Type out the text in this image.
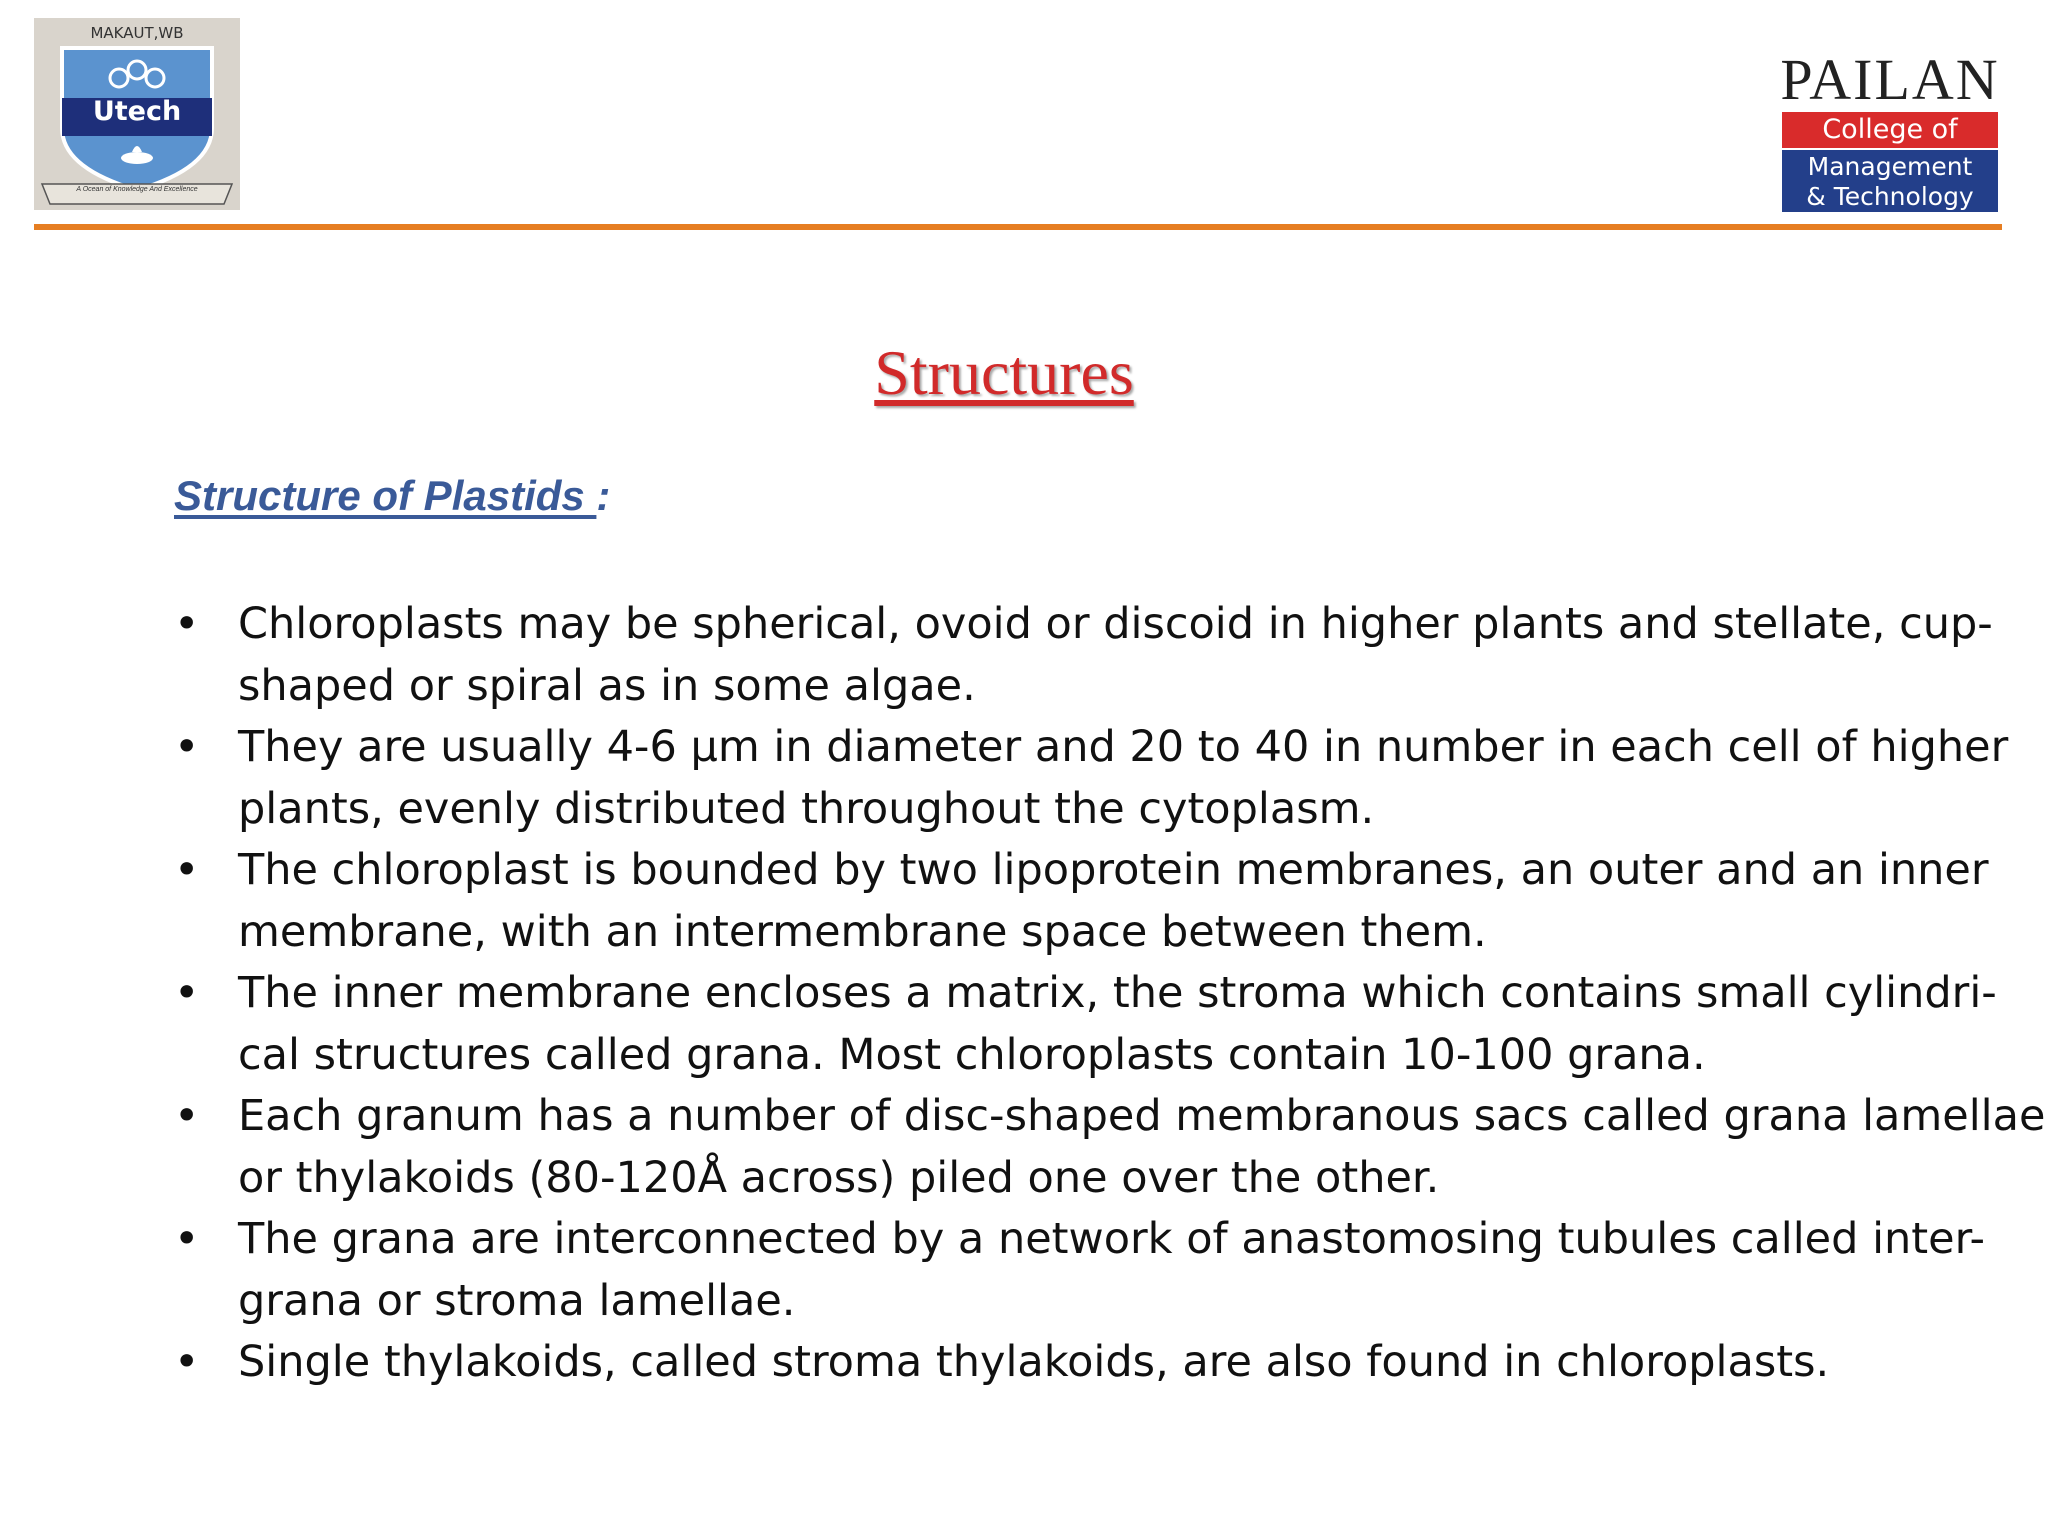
MAKAUT,WB
Utech
A Ocean of Knowledge And Excellence
PAILAN
College of
Management
& Technology
Structures
Structure of Plastids :
• Chloroplasts may be spherical, ovoid or discoid in higher plants and stellate, cup-
shaped or spiral as in some algae.
• They are usually 4-6 μm in diameter and 20 to 40 in number in each cell of higher
plants, evenly distributed throughout the cytoplasm.
• The chloroplast is bounded by two lipoprotein membranes, an outer and an inner
membrane, with an intermembrane space between them.
• The inner membrane encloses a matrix, the stroma which contains small cylindri-
cal structures called grana. Most chloroplasts contain 10-100 grana.
• Each granum has a number of disc-shaped membranous sacs called grana lamellae
or thylakoids (80-120Å across) piled one over the other.
• The grana are interconnected by a network of anastomosing tubules called inter-
grana or stroma lamellae.
• Single thylakoids, called stroma thylakoids, are also found in chloroplasts.
